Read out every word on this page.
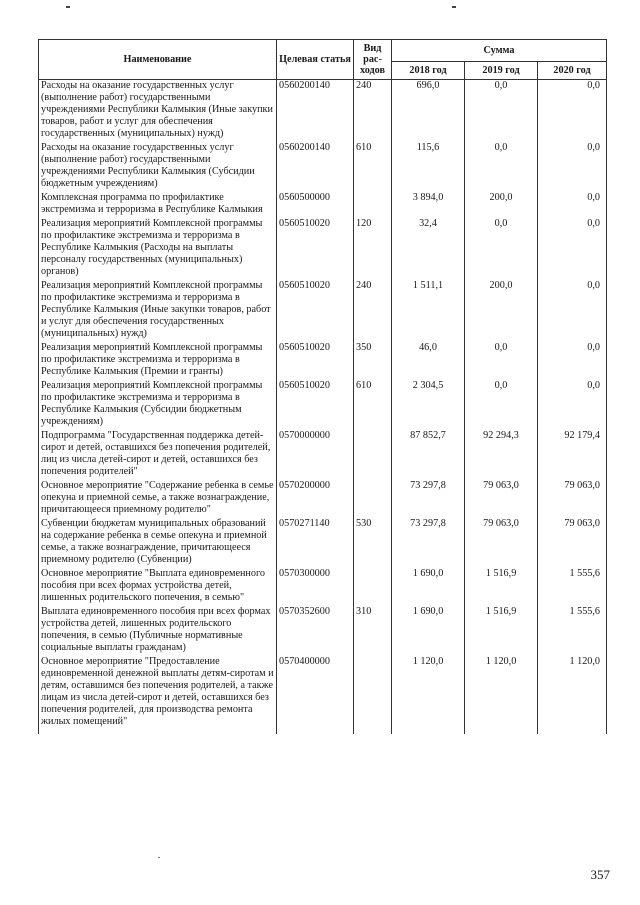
Наименование	Целевая статья	Вид рас-ходов	Сумма		
			2018 год	2019 год	2020 год
Расходы на оказание государственных услуг (выполнение работ) государственными учреждениями Республики Калмыкия (Иные закупки товаров, работ и услуг для обеспечения государственных (муниципальных) нужд)	0560200140	240	696,0	0,0	0,0
Расходы на оказание государственных услуг (выполнение работ) государственными учреждениями Республики Калмыкия (Субсидии бюджетным учреждениям)	0560200140	610	115,6	0,0	0,0
Комплексная программа по профилактике экстремизма и терроризма в Республике Калмыкия	0560500000		3 894,0	200,0	0,0
Реализация мероприятий Комплексной программы по профилактике экстремизма и терроризма в Республике Калмыкия (Расходы на выплаты персоналу государственных (муниципальных) органов)	0560510020	120	32,4	0,0	0,0
Реализация мероприятий Комплексной программы по профилактике экстремизма и терроризма в Республике Калмыкия (Иные закупки товаров, работ и услуг для обеспечения государственных (муниципальных) нужд)	0560510020	240	1 511,1	200,0	0,0
Реализация мероприятий Комплексной программы по профилактике экстремизма и терроризма в Республике Калмыкия (Премии и гранты)	0560510020	350	46,0	0,0	0,0
Реализация мероприятий Комплексной программы по профилактике экстремизма и терроризма в Республике Калмыкия (Субсидии бюджетным учреждениям)	0560510020	610	2 304,5	0,0	0,0
Подпрограмма "Государственная поддержка детей-сирот и детей, оставшихся без попечения родителей, лиц из числа детей-сирот и детей, оставшихся без попечения родителей"	0570000000		87 852,7	92 294,3	92 179,4
Основное мероприятие "Содержание ребенка в семье опекуна и приемной семье, а также вознаграждение, причитающееся приемному родителю"	0570200000		73 297,8	79 063,0	79 063,0
Субвенции бюджетам муниципальных образований на содержание ребенка в семье опекуна и приемной семье, а также вознаграждение, причитающееся приемному родителю (Субвенции)	0570271140	530	73 297,8	79 063,0	79 063,0
Основное мероприятие "Выплата единовременного пособия при всех формах устройства детей, лишенных родительского попечения, в семью"	0570300000		1 690,0	1 516,9	1 555,6
Выплата единовременного пособия при всех формах устройства детей, лишенных родительского попечения, в семью (Публичные нормативные социальные выплаты гражданам)	0570352600	310	1 690,0	1 516,9	1 555,6
Основное мероприятие "Предоставление единовременной денежной выплаты детям-сиротам и детям, оставшимся без попечения родителей, а также лицам из числа детей-сирот и детей, оставшихся без попечения родителей, для производства ремонта жилых помещений"	0570400000		1 120,0	1 120,0	1 120,0
357
